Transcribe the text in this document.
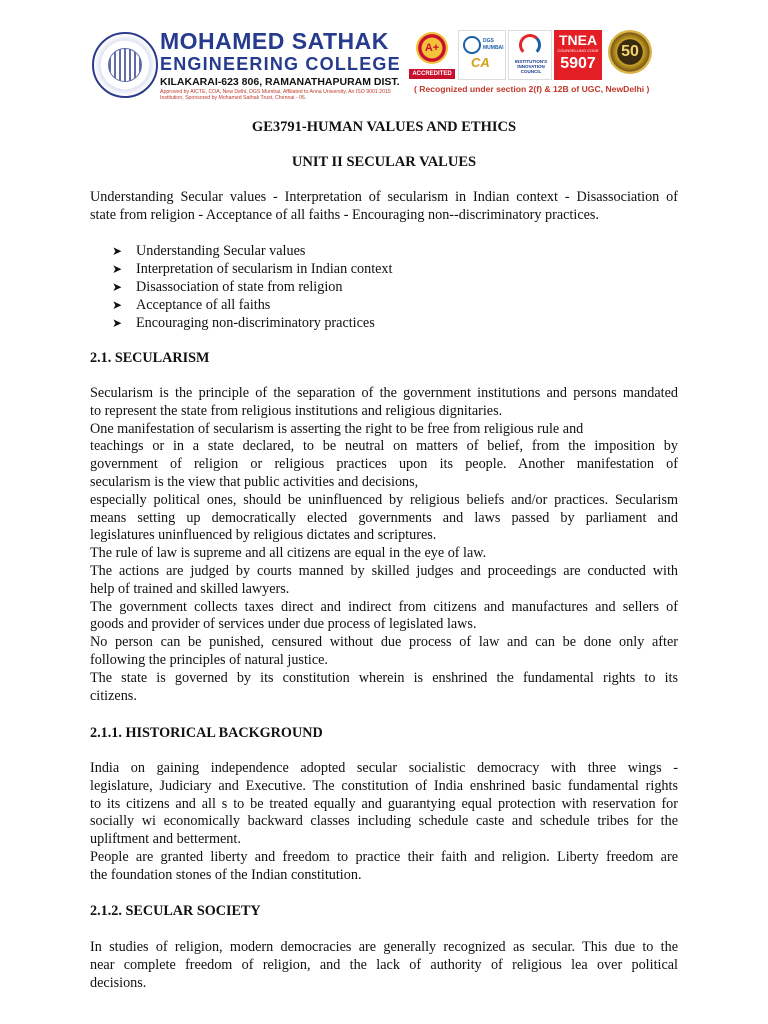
MOHAMED SATHAK
ENGINEERING COLLEGE
KILAKARAI-623 806, RAMANATHAPURAM DIST.
Approved by AICTE, COA, New Delhi, DGS Mumbai, Affiliated to Anna University, An ISO 9001:2015 Institution, Sponsored by Mohamed Sathak Trust, Chennai - 06.
A+
ACCREDITED
DGS
MUMBAI
CA	INSTITUTION'S INNOVATION COUNCIL
TNEA
COUNSELLING CODE
5907
50
( Recognized under section 2(f) & 12B of UGC, NewDelhi )
GE3791-HUMAN VALUES AND ETHICS
UNIT II SECULAR VALUES
Understanding Secular values - Interpretation of secularism in Indian context - Disassociation of
state from religion - Acceptance of all faiths - Encouraging non--discriminatory practices.
➤ Understanding Secular values
➤ Interpretation of secularism in Indian context
➤ Disassociation of state from religion
➤ Acceptance of all faiths
➤ Encouraging non-discriminatory practices
2.1. SECULARISM
Secularism is the principle of the separation of the government institutions and persons mandated
to represent the state from religious institutions and religious dignitaries.
One manifestation of secularism is asserting the right to be free from religious rule and
teachings or in a state declared, to be neutral on matters of belief, from the imposition by
government of religion or religious practices upon its people. Another manifestation of
secularism is the view that public activities and decisions,
especially political ones, should be uninfluenced by religious beliefs and/or practices. Secularism
means setting up democratically elected governments and laws passed by parliament and
legislatures uninfluenced by religious dictates and scriptures.
The rule of law is supreme and all citizens are equal in the eye of law.
The actions are judged by courts manned by skilled judges and proceedings are conducted with
help of trained and skilled lawyers.
The government collects taxes direct and indirect from citizens and manufactures and sellers of
goods and provider of services under due process of legislated laws.
No person can be punished, censured without due process of law and can be done only after
following the principles of natural justice.
The state is governed by its constitution wherein is enshrined the fundamental rights to its
citizens.
2.1.1. HISTORICAL BACKGROUND
India on gaining independence adopted secular socialistic democracy with three wings -
legislature, Judiciary and Executive. The constitution of India enshrined basic fundamental rights
to its citizens and all s to be treated equally and guarantying equal protection with reservation for
socially wi economically backward classes including schedule caste and schedule tribes for the
upliftment and betterment.
People are granted liberty and freedom to practice their faith and religion. Liberty freedom are
the foundation stones of the Indian constitution.
2.1.2. SECULAR SOCIETY
In studies of religion, modern democracies are generally recognized as secular. This due to the
near complete freedom of religion, and the lack of authority of religious lea over political
decisions.
